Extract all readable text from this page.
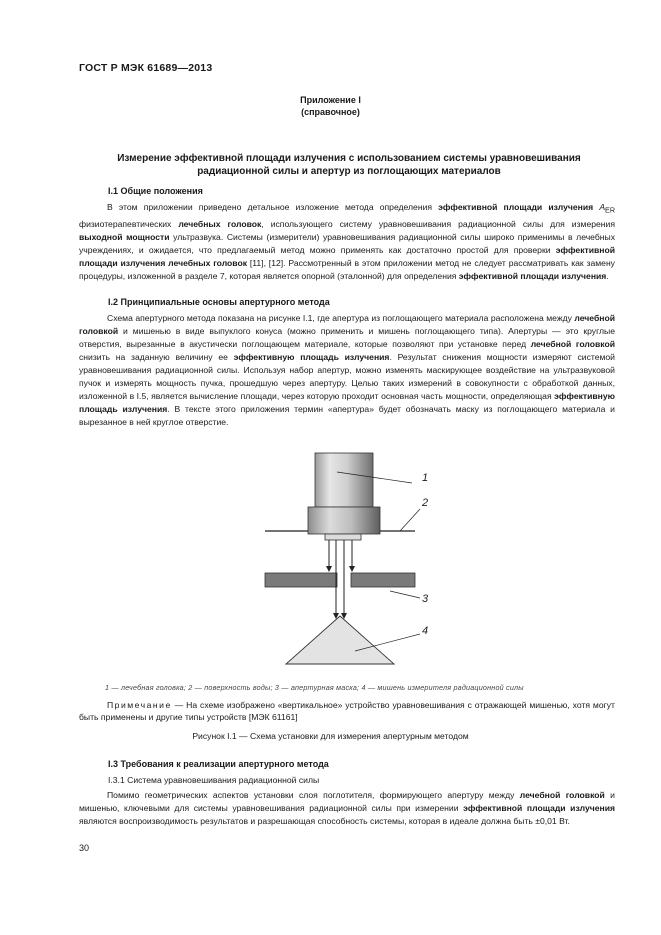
ГОСТ Р МЭК 61689—2013
Приложение I
(справочное)
Измерение эффективной площади излучения с использованием системы уравновешивания
радиационной силы и апертур из поглощающих материалов
I.1 Общие положения

В этом приложении приведено детальное изложение метода определения эффективной площади излучения $A_{ER}$ физиотерапевтических лечебных головок, использующего систему уравновешивания радиационной силы для измерения выходной мощности ультразвука. Системы (измерители) уравновешивания радиационной силы широко применимы в лечебных учреждениях, и ожидается, что предлагаемый метод можно применять как достаточно простой для проверки эффективной площади излучения лечебных головок [11], [12]. Рассмотренный в этом приложении метод не следует рассматривать как замену процедуры, изложенной в разделе 7, которая является опорной (эталонной) для определения эффективной площади излучения.

I.2 Принципиальные основы апертурного метода

Схема апертурного метода показана на рисунке I.1, где апертура из поглощающего материала расположена между лечебной головкой и мишенью в виде выпуклого конуса (можно применить и мишень поглощающего типа). Апертуры — это круглые отверстия, вырезанные в акустически поглощающем материале, которые позволяют при установке перед лечебной головкой снизить на заданную величину ее эффективную площадь излучения. Результат снижения мощности измеряют системой уравновешивания радиационной силы. Используя набор апертур, можно изменять маскирующее воздействие на ультразвуковой пучок и измерять мощность пучка, прошедшую через апертуру. Целью таких измерений в совокупности с обработкой данных, изложенной в I.5, является вычисление площади, через которую проходит основная часть мощности, определяющая эффективную площадь излучения. В тексте этого приложения термин «апертура» будет обозначать маску из поглощающего материала и вырезанное в ней круглое отверстие.

1
2
3
4
1 — лечебная головка; 2 — поверхность воды; 3 — апертурная маска; 4 — мишень измерителя радиационной силы
Примечание — На схеме изображено «вертикальное» устройство уравновешивания с отражающей мишенью, хотя могут быть применены и другие типы устройств [МЭК 61161]
Рисунок I.1 — Схема установки для измерения апертурным методом
I.3 Требования к реализации апертурного метода
I.3.1 Система уравновешивания радиационной силы

Помимо геометрических аспектов установки слоя поглотителя, формирующего апертуру между лечебной головкой и мишенью, ключевыми для системы уравновешивания радиационной силы при измерении эффективной площади излучения являются воспроизводимость результатов и разрешающая способность системы, которая в идеале должна быть ±0,01 Вт.

30
